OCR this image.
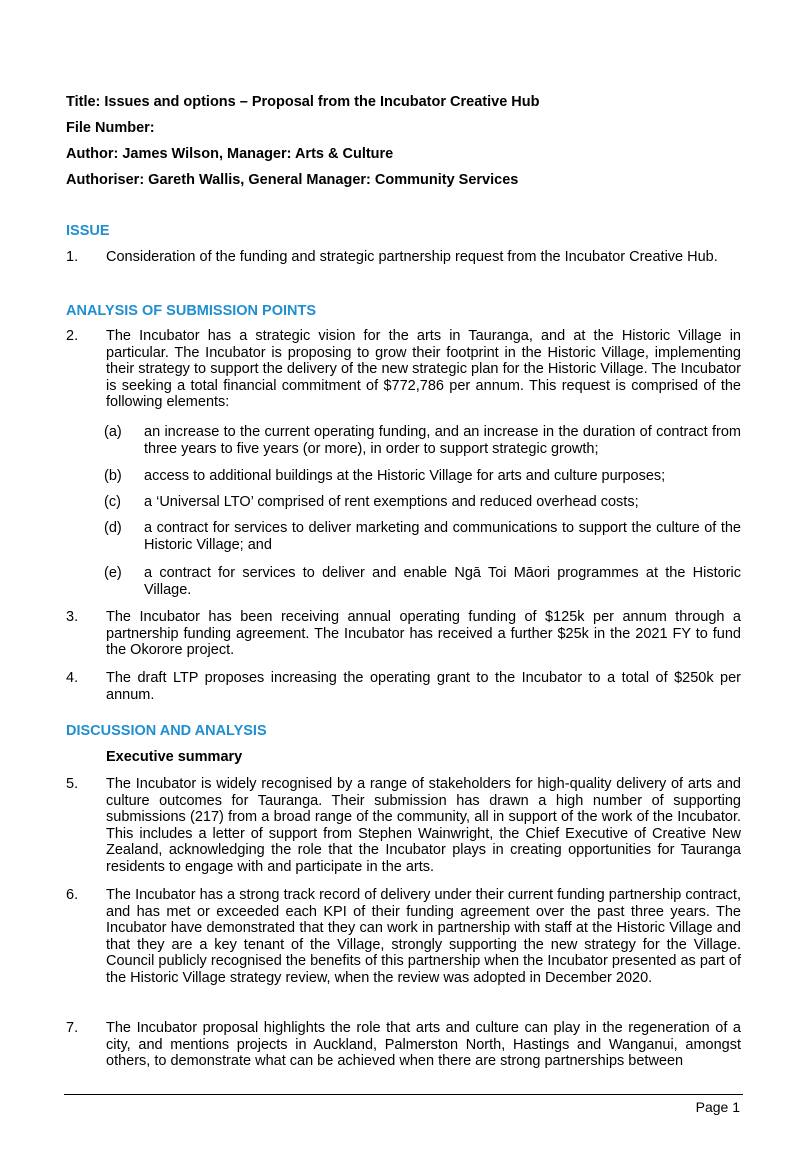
Title: Issues and options – Proposal from the Incubator Creative Hub
File Number:
Author: James Wilson, Manager: Arts & Culture
Authoriser: Gareth Wallis, General Manager: Community Services
ISSUE
1. Consideration of the funding and strategic partnership request from the Incubator Creative Hub.
ANALYSIS OF SUBMISSION POINTS
2. The Incubator has a strategic vision for the arts in Tauranga, and at the Historic Village in particular. The Incubator is proposing to grow their footprint in the Historic Village, implementing their strategy to support the delivery of the new strategic plan for the Historic Village. The Incubator is seeking a total financial commitment of $772,786 per annum. This request is comprised of the following elements:
(a) an increase to the current operating funding, and an increase in the duration of contract from three years to five years (or more), in order to support strategic growth;
(b) access to additional buildings at the Historic Village for arts and culture purposes;
(c) a ‘Universal LTO’ comprised of rent exemptions and reduced overhead costs;
(d) a contract for services to deliver marketing and communications to support the culture of the Historic Village; and
(e) a contract for services to deliver and enable Ngā Toi Māori programmes at the Historic Village.
3. The Incubator has been receiving annual operating funding of $125k per annum through a partnership funding agreement. The Incubator has received a further $25k in the 2021 FY to fund the Okorore project.
4. The draft LTP proposes increasing the operating grant to the Incubator to a total of $250k per annum.
DISCUSSION AND ANALYSIS
Executive summary
5. The Incubator is widely recognised by a range of stakeholders for high-quality delivery of arts and culture outcomes for Tauranga. Their submission has drawn a high number of supporting submissions (217) from a broad range of the community, all in support of the work of the Incubator. This includes a letter of support from Stephen Wainwright, the Chief Executive of Creative New Zealand, acknowledging the role that the Incubator plays in creating opportunities for Tauranga residents to engage with and participate in the arts.
6. The Incubator has a strong track record of delivery under their current funding partnership contract, and has met or exceeded each KPI of their funding agreement over the past three years. The Incubator have demonstrated that they can work in partnership with staff at the Historic Village and that they are a key tenant of the Village, strongly supporting the new strategy for the Village. Council publicly recognised the benefits of this partnership when the Incubator presented as part of the Historic Village strategy review, when the review was adopted in December 2020.
7. The Incubator proposal highlights the role that arts and culture can play in the regeneration of a city, and mentions projects in Auckland, Palmerston North, Hastings and Wanganui, amongst others, to demonstrate what can be achieved when there are strong partnerships between
Page 1
